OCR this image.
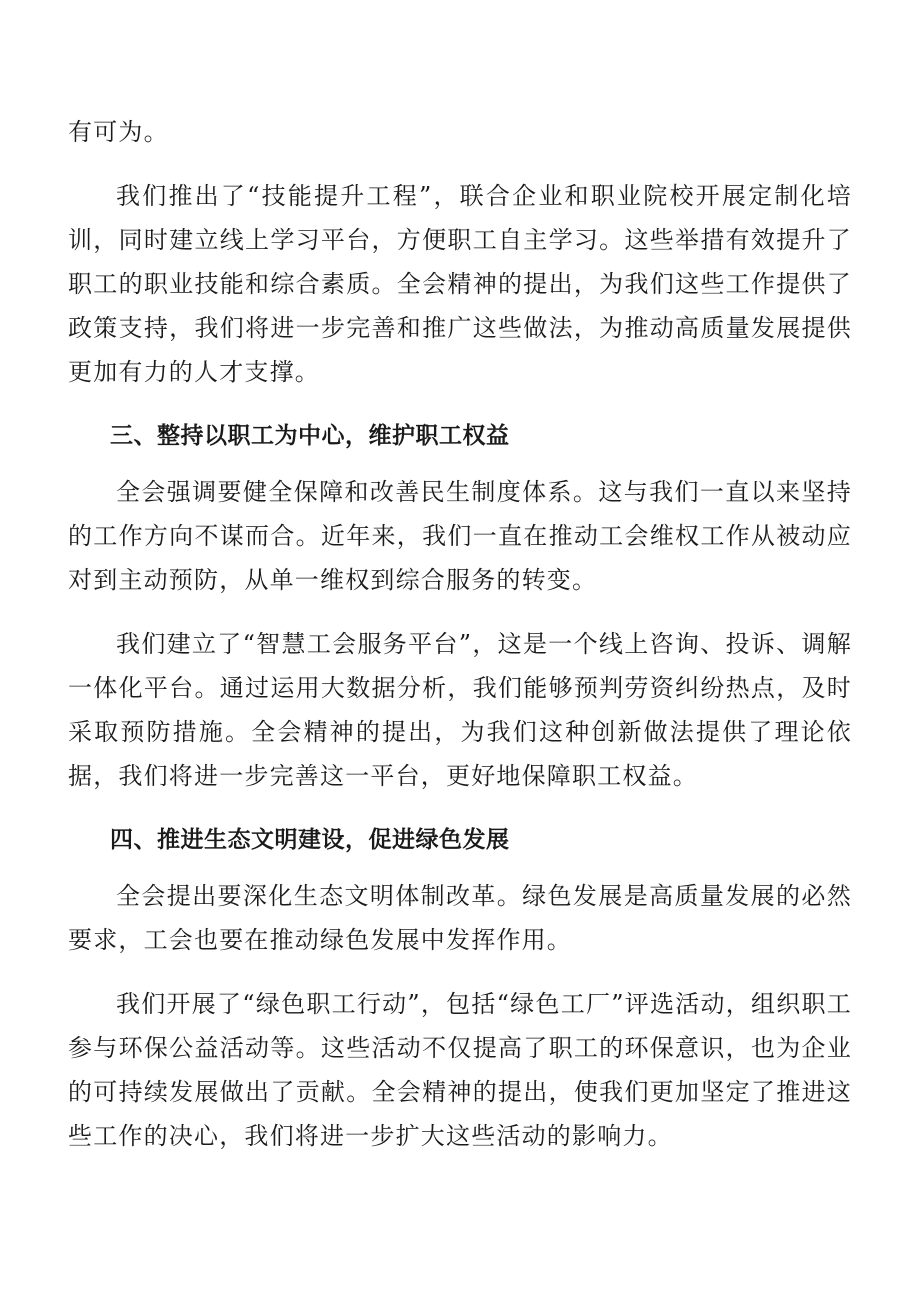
有可为。

我们推出了“技能提升工程”，联合企业和职业院校开展定制化培训，同时建立线上学习平台，方便职工自主学习。这些举措有效提升了职工的职业技能和综合素质。全会精神的提出，为我们这些工作提供了政策支持，我们将进一步完善和推广这些做法，为推动高质量发展提供更加有力的人才支撑。

三、整持以职工为中心，维护职工权益

全会强调要健全保障和改善民生制度体系。这与我们一直以来坚持的工作方向不谋而合。近年来，我们一直在推动工会维权工作从被动应对到主动预防，从单一维权到综合服务的转变。

我们建立了“智慧工会服务平台”，这是一个线上咨询、投诉、调解一体化平台。通过运用大数据分析，我们能够预判劳资纠纷热点，及时采取预防措施。全会精神的提出，为我们这种创新做法提供了理论依据，我们将进一步完善这一平台，更好地保障职工权益。

四、推进生态文明建设，促进绿色发展

全会提出要深化生态文明体制改革。绿色发展是高质量发展的必然要求，工会也要在推动绿色发展中发挥作用。

我们开展了“绿色职工行动”，包括“绿色工厂”评选活动，组织职工参与环保公益活动等。这些活动不仅提高了职工的环保意识，也为企业的可持续发展做出了贡献。全会精神的提出，使我们更加坚定了推进这些工作的决心，我们将进一步扩大这些活动的影响力。
